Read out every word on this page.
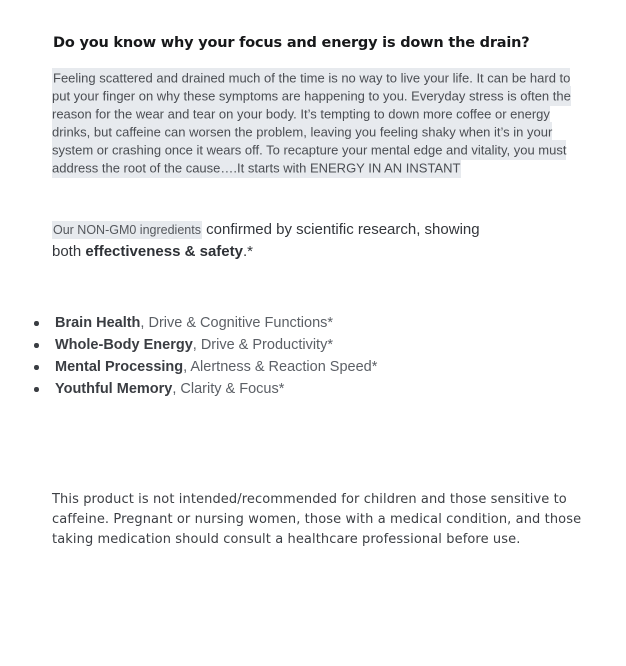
Do you know why your focus and energy is down the drain?
Feeling scattered and drained much of the time is no way to live your life. It can be hard to put your finger on why these symptoms are happening to you. Everyday stress is often the reason for the wear and tear on your body. It’s tempting to down more coffee or energy drinks, but caffeine can worsen the problem, leaving you feeling shaky when it’s in your system or crashing once it wears off. To recapture your mental edge and vitality, you must address the root of the cause….It starts with ENERGY IN AN INSTANT
Our NON-GM0 ingredients confirmed by scientific research, showing
both effectiveness & safety.*
Brain Health, Drive & Cognitive Functions*
Whole-Body Energy, Drive & Productivity*
Mental Processing, Alertness & Reaction Speed*
Youthful Memory, Clarity & Focus*
This product is not intended/recommended for children and those sensitive to caffeine. Pregnant or nursing women, those with a medical condition, and those taking medication should consult a healthcare professional before use.
